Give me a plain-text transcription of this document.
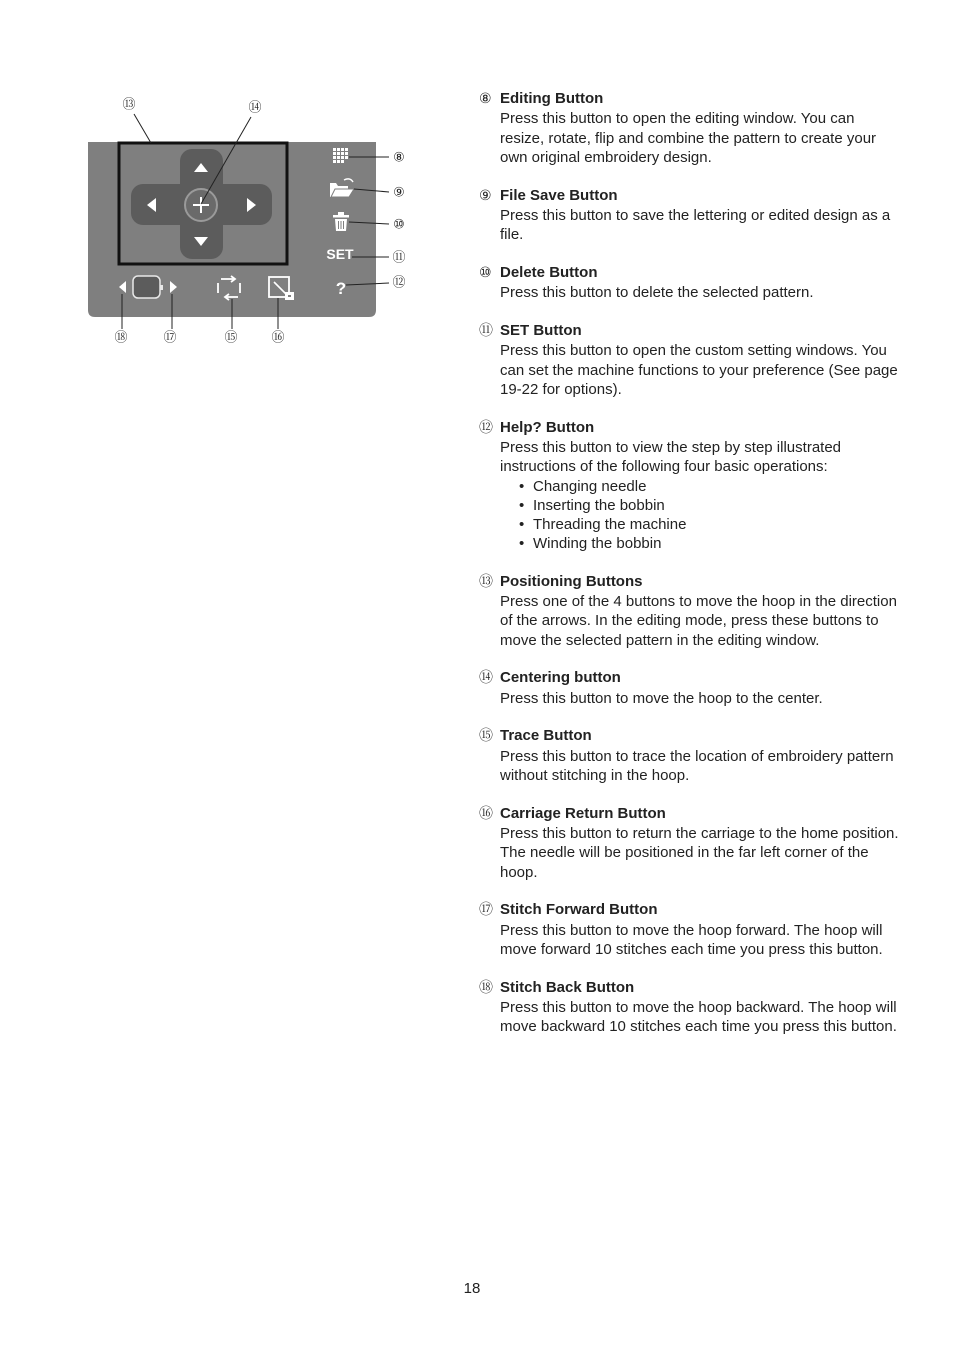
SET
?
⑬	⑭
⑧
⑨
⑩
⑪
⑫
⑱	⑰	⑮	⑯
⑧ Editing Button
Press this button to open the editing window. You can resize, rotate, flip and combine the pattern to create your own original embroidery design.
⑨ File Save Button
Press this button to save the lettering or edited design as a file.
⑩ Delete Button
Press this button to delete the selected pattern.
⑪ SET Button
Press this button to open the custom setting windows. You can set the machine functions to your preference (See page 19-22 for options).
⑫ Help? Button
Press this button to view the step by step illustrated instructions of the following four basic operations:
• Changing needle
• Inserting the bobbin
• Threading the machine
• Winding the bobbin
⑬ Positioning Buttons
Press one of the 4 buttons to move the hoop in the direction of the arrows. In the editing mode, press these buttons to move the selected pattern in the editing window.
⑭ Centering button
Press this button to move the hoop to the center.
⑮ Trace Button
Press this button to trace the location of embroidery pattern without stitching in the hoop.
⑯ Carriage Return Button
Press this button to return the carriage to the home position. The needle will be positioned in the far left corner of the hoop.
⑰ Stitch Forward Button
Press this button to move the hoop forward. The hoop will move forward 10 stitches each time you press this button.
⑱ Stitch Back Button
Press this button to move the hoop backward. The hoop will move backward 10 stitches each time you press this button.
18
